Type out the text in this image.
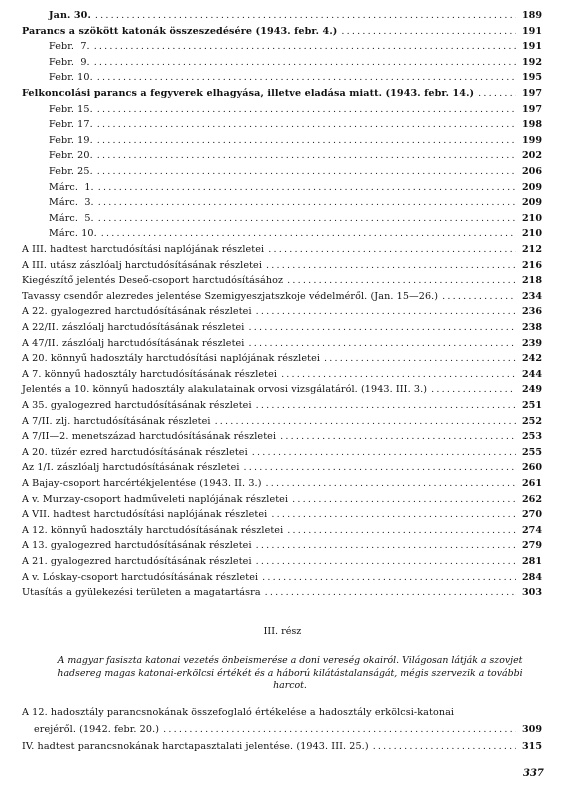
Jan. 30. .....	189
Parancs a szökött katonák összeszedésére (1943. febr. 4.) .....	191
Febr.  7. .....	191
Febr.  9. .....	192
Febr. 10. .....	195
Felkoncolási parancs a fegyverek elhagyása, illetve eladása miatt. (1943. febr. 14.) .....	197
Febr. 15. .....	197
Febr. 17. .....	198
Febr. 19. .....	199
Febr. 20. .....	202
Febr. 25. .....	206
Márc.  1. .....	209
Márc.  3. .....	209
Márc.  5. .....	210
Márc. 10. .....	210
A III. hadtest harctudósítási naplójának részletei .....	212
A III. utász zászlóalj harctudósításának részletei .....	216
Kiegészítő jelentés Deseő-csoport harctudósításához .....	218
Tavassy csendőr alezredes jelentése Szemigyeszjatszkoje védelméről. (Jan. 15—26.) .....	234
A 22. gyalogezred harctudósításának részletei .....	236
A 22/II. zászlóalj harctudósításának részletei .....	238
A 47/II. zászlóalj harctudósításának részletei .....	239
A 20. könnyű hadosztály harctudósítási naplójának részletei .....	242
A 7. könnyű hadosztály harctudósításának részletei .....	244
Jelentés a 10. könnyű hadosztály alakulatainak orvosi vizsgálatáról. (1943. III. 3.) .....	249
A 35. gyalogezred harctudósításának részletei .....	251
A 7/II. zlj. harctudósításának részletei .....	252
A 7/II—2. menetszázad harctudósításának részletei .....	253
A 20. tüzér ezred harctudósításának részletei .....	255
Az 1/I. zászlóalj harctudósításának részletei .....	260
A Bajay-csoport harcértékjelentése (1943. II. 3.) .....	261
A v. Murzay-csoport hadműveleti naplójának részletei .....	262
A VII. hadtest harctudósítási naplójának részletei .....	270
A 12. könnyű hadosztály harctudósításának részletei .....	274
A 13. gyalogezred harctudósításának részletei .....	279
A 21. gyalogezred harctudósításának részletei .....	281
A v. Lóskay-csoport harctudósításának részletei .....	284
Utasítás a gyülekezési területen a magatartásra .....	303
III. rész
A magyar fasiszta katonai vezetés önbeismerése a doni vereség okairól. Világosan látják a szovjet hadsereg magas katonai-erkölcsi értékét és a háború kilátástalanságát, mégis szervezik a további harcot.
A 12. hadosztály parancsnokának összefoglaló értékelése a hadosztály erkölcsi-katonai
erejéről. (1942. febr. 20.) .....	309
IV. hadtest parancsnokának harctapasztalati jelentése. (1943. III. 25.) .....	315
337
